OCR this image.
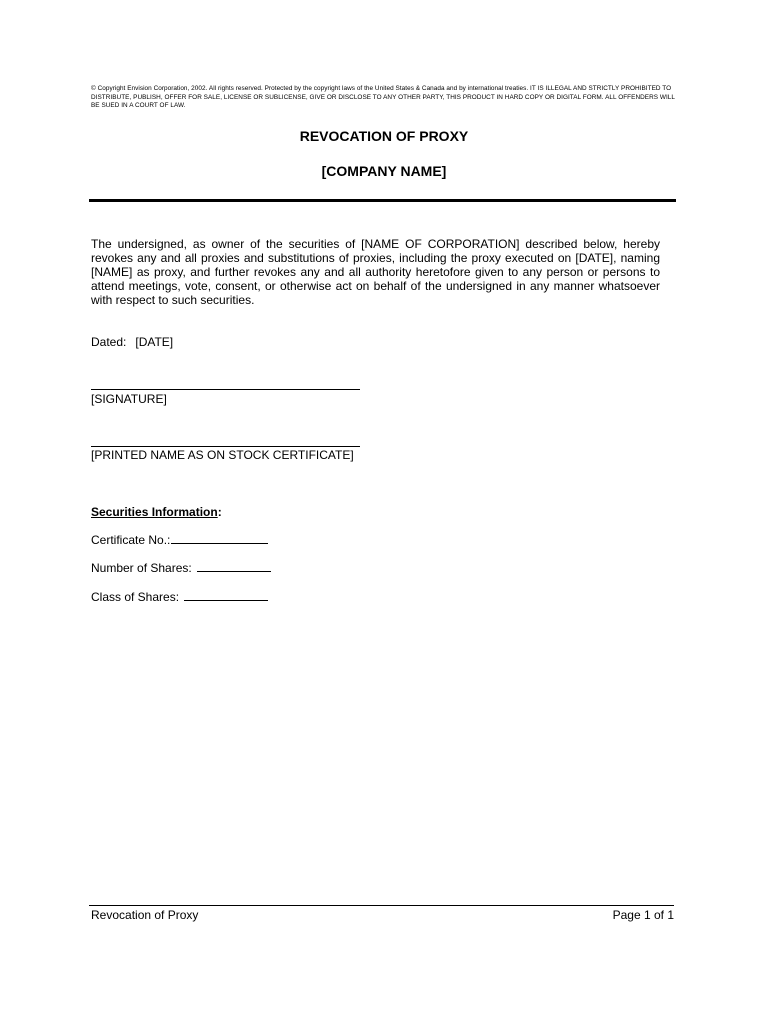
© Copyright Envision Corporation, 2002. All rights reserved. Protected by the copyright laws of the United States & Canada and by international treaties. IT IS ILLEGAL AND STRICTLY PROHIBITED TO DISTRIBUTE, PUBLISH, OFFER FOR SALE, LICENSE OR SUBLICENSE, GIVE OR DISCLOSE TO ANY OTHER PARTY, THIS PRODUCT IN HARD COPY OR DIGITAL FORM. ALL OFFENDERS WILL BE SUED IN A COURT OF LAW.
REVOCATION OF PROXY
[COMPANY NAME]
The undersigned, as owner of the securities of [NAME OF CORPORATION] described below, hereby revokes any and all proxies and substitutions of proxies, including the proxy executed on [DATE], naming [NAME] as proxy, and further revokes any and all authority heretofore given to any person or persons to attend meetings, vote, consent, or otherwise act on behalf of the undersigned in any manner whatsoever with respect to such securities.
Dated: [DATE]
[SIGNATURE]
[PRINTED NAME AS ON STOCK CERTIFICATE]
Securities Information:
Certificate No.:
Number of Shares:
Class of Shares:
Revocation of Proxy	Page 1 of 1
